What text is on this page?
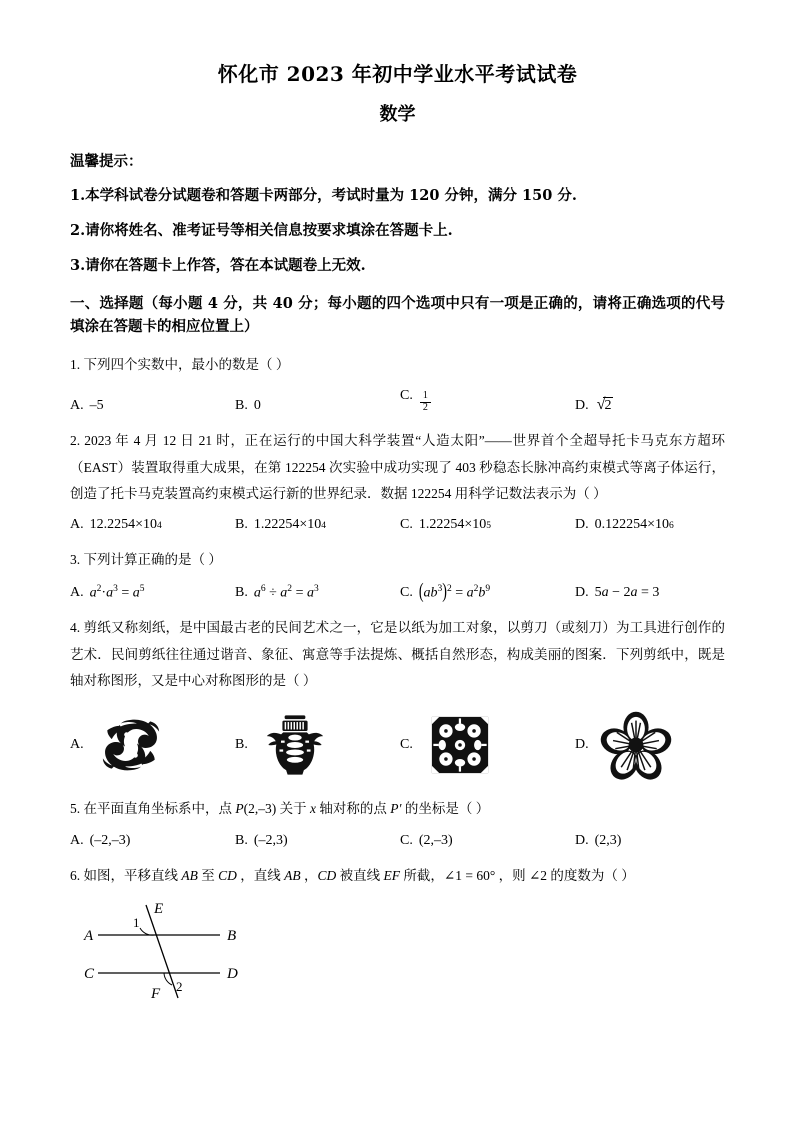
怀化市 2023 年初中学业水平考试试卷
数学
温馨提示：
1.本学科试卷分试题卷和答题卡两部分，考试时量为 120 分钟，满分 150 分.
2.请你将姓名、准考证号等相关信息按要求填涂在答题卡上.
3.请你在答题卡上作答，答在本试题卷上无效.
一、选择题（每小题 4 分，共 40 分；每小题的四个选项中只有一项是正确的，请将正确选项的代号填涂在答题卡的相应位置上）
1. 下列四个实数中，最小的数是（ ）
A. –5	B. 0
C. $\frac{1}{2}$	D. √2
2. 2023 年 4 月 12 日 21 时，正在运行的中国大科学装置“人造太阳”——世界首个全超导托卡马克东方超环（EAST）装置取得重大成果，在第 122254 次实验中成功实现了 403 秒稳态长脉冲高约束模式等离子体运行，创造了托卡马克装置高约束模式运行新的世界纪录．数据 122254 用科学记数法表示为（ ）
A. 12.2254 × 10 4	B. 1.22254 × 10 4	C. 1.22254 × 10 5	D. 0.122254 × 10 6
3. 下列计算正确的是（ ）
A. $a^2\cdot a^3 = a^5$	B. $a^6 \div a^2 = a^3$	C. $(ab^3)^2 = a^2b^9$	D. 5a − 2a = 3
4. 剪纸又称刻纸，是中国最古老的民间艺术之一，它是以纸为加工对象，以剪刀（或刻刀）为工具进行创作的艺术．民间剪纸往往通过谐音、象征、寓意等手法提炼、概括自然形态，构成美丽的图案．下列剪纸中，既是轴对称图形，又是中心对称图形的是（ ）
A.	B.	C.	D.
5. 在平面直角坐标系中，点 P(2,–3) 关于 x 轴对称的点 P′ 的坐标是（ ）
A. (–2,–3)	B. (–2,3)	C. (2,–3)	D. (2,3)
6. 如图，平移直线 AB 至 CD ，直线 AB ，CD 被直线 EF 所截，∠1 = 60° ，则 ∠2 的度数为（ ）
A	B
C	D
E
F
1
2
